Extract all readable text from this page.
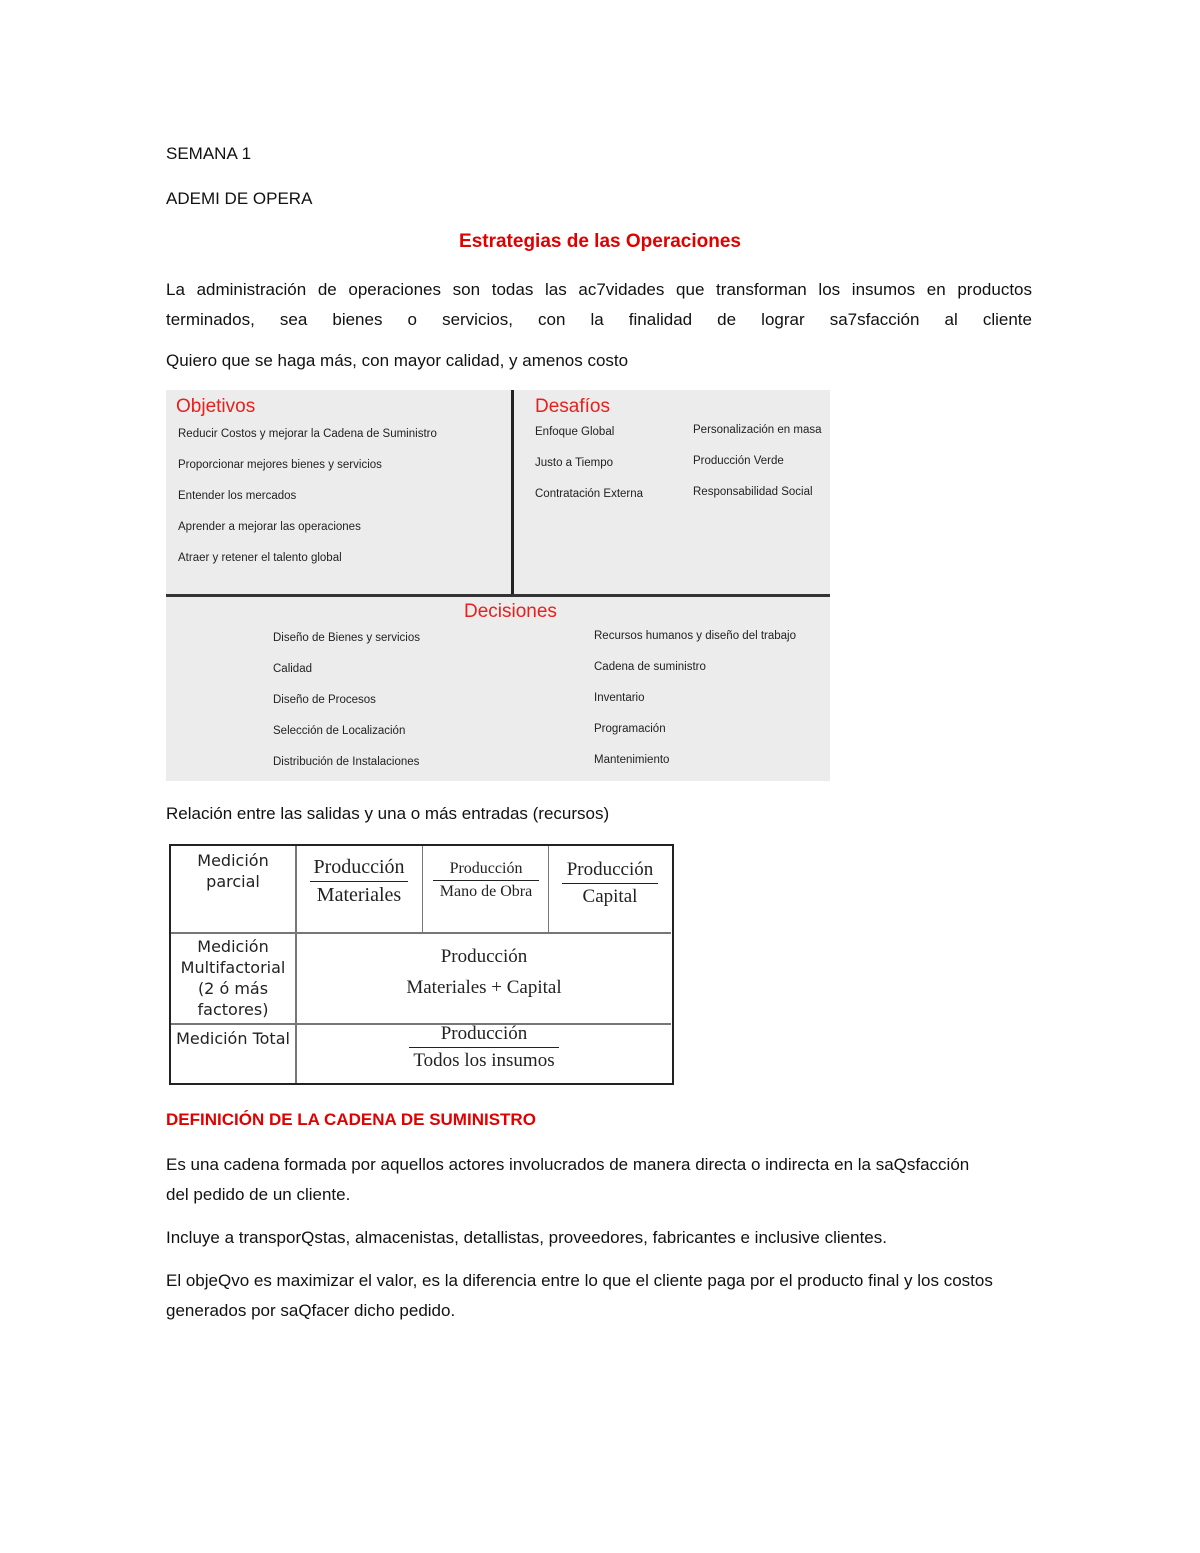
SEMANA 1
ADEMI DE OPERA
Estrategias de las Operaciones
La administración de operaciones son todas las ac7vidades que transforman los insumos en productos terminados, sea bienes o servicios, con la finalidad de lograr sa7sfacción al cliente
Quiero que se haga más, con mayor calidad, y amenos costo
Objetivos
Reducir Costos y mejorar la Cadena de Suministro
Proporcionar mejores bienes y servicios
Entender los mercados
Aprender a mejorar las operaciones
Atraer y retener el talento global
Desafíos
Enfoque Global
Justo a Tiempo
Contratación Externa
Personalización en masa
Producción Verde
Responsabilidad Social
Decisiones
Diseño de Bienes y servicios
Calidad
Diseño de Procesos
Selección de Localización
Distribución de Instalaciones
Recursos humanos y diseño del trabajo
Cadena de suministro
Inventario
Programación
Mantenimiento
Relación entre las salidas y una o más entradas (recursos)
Medición parcial
Producción
Materiales
Producción
Mano de Obra
Producción
Capital
Medición Multifactorial (2 ó más factores)
Producción
Materiales + Capital
Medición Total	Producción
Todos los insumos
DEFINICIÓN DE LA CADENA DE SUMINISTRO
Es una cadena formada por aquellos actores involucrados de manera directa o indirecta en la saQsfacción del pedido de un cliente.
Incluye a transporQstas, almacenistas, detallistas, proveedores, fabricantes e inclusive clientes.
El objeQvo es maximizar el valor, es la diferencia entre lo que el cliente paga por el producto final y los costos generados por saQfacer dicho pedido.
